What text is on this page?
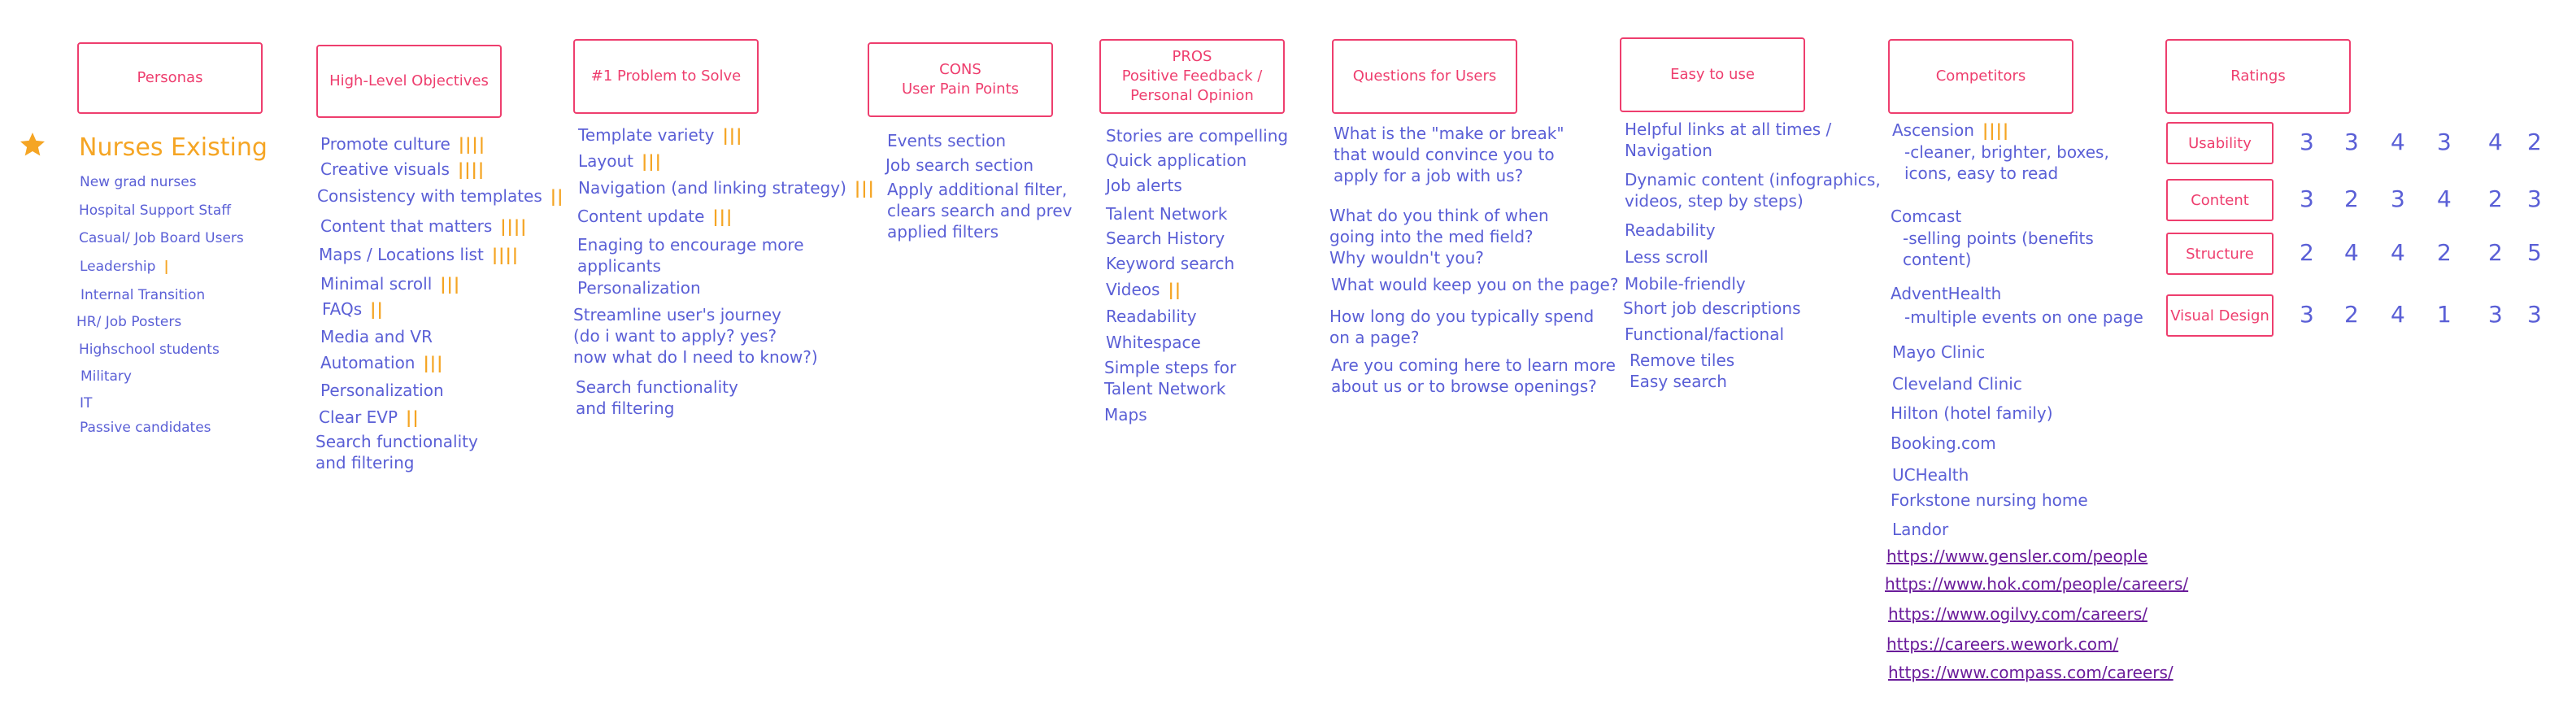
Personas	High-Level Objectives	#1 Problem to Solve	CONS
User Pain Points
PROS
Positive Feedback /
Personal Opinion
Questions for Users	Easy to use	Competitors	Ratings
Nurses Existing
New grad nurses
Hospital Support Staff
Casual/ Job Board Users
Leadership |
Internal Transition
HR/ Job Posters
Highschool students
Military
IT
Passive candidates
Promote culture ||||
Creative visuals ||||
Consistency with templates ||
Content that matters ||||
Maps / Locations list ||||
Minimal scroll |||
FAQs ||
Media and VR
Automation |||
Personalization
Clear EVP ||
Search functionality
and filtering
Template variety |||
Layout |||
Navigation (and linking strategy) |||
Content update |||
Enaging to encourage more
applicants
Personalization
Streamline user's journey
(do i want to apply? yes?
now what do I need to know?)
Search functionality
and filtering
Events section
Job search section
Apply additional filter,
clears search and prev
applied filters
Stories are compelling
Quick application
Job alerts
Talent Network
Search History
Keyword search
Videos ||
Readability
Whitespace
Simple steps for
Talent Network
Maps
What is the "make or break"
that would convince you to
apply for a job with us?
What do you think of when
going into the med field?
Why wouldn't you?
What would keep you on the page?
How long do you typically spend
on a page?
Are you coming here to learn more
about us or to browse openings?
Helpful links at all times /
Navigation
Dynamic content (infographics,
videos, step by steps)
Readability
Less scroll
Mobile-friendly
Short job descriptions
Functional/factional
Remove tiles
Easy search
Ascension ||||
-cleaner, brighter, boxes,
icons, easy to read
Comcast
-selling points (benefits
content)
AdventHealth
-multiple events on one page
Mayo Clinic
Cleveland Clinic
Hilton (hotel family)
Booking.com
UCHealth
Forkstone nursing home
Landor
https://www.gensler.com/people
https://www.hok.com/people/careers/
https://www.ogilvy.com/careers/
https://careers.wework.com/
https://www.compass.com/careers/
Usability	3 3 4 3 4 2
Content	3 2 3 4 2 3
Structure	2 4 4 2 2 5
Visual Design 3 2 4 1 3 3
